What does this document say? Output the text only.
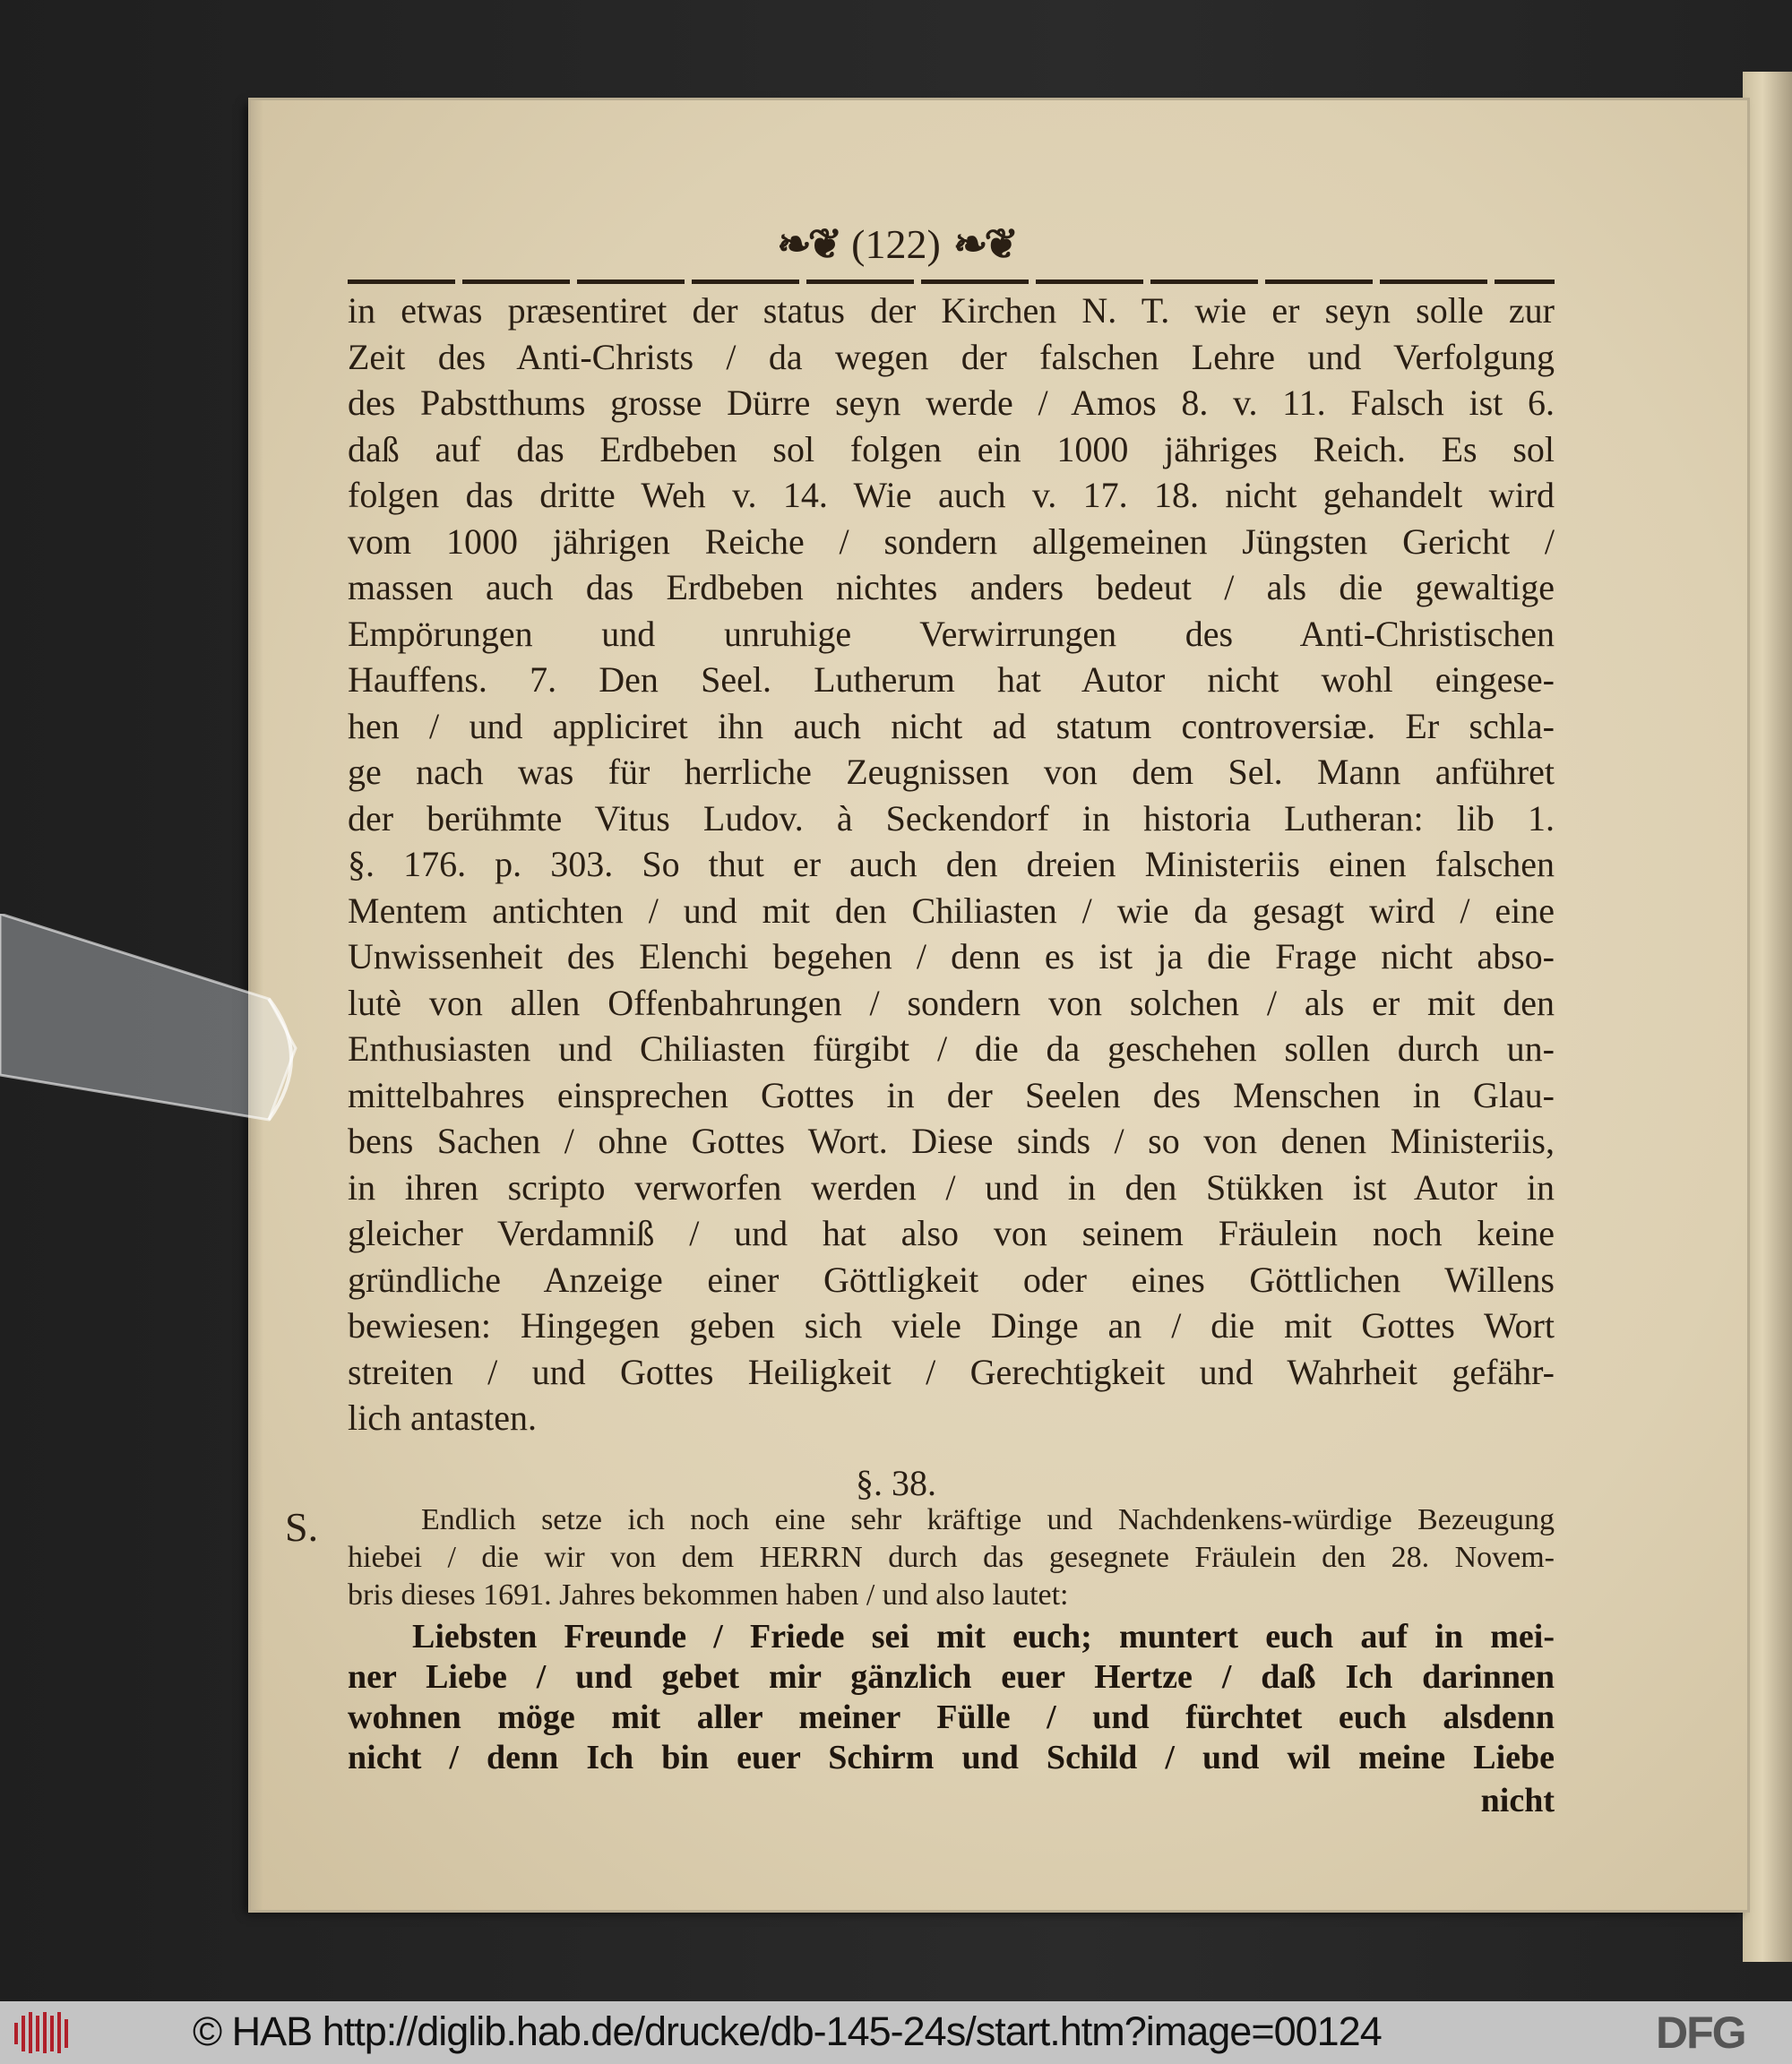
❧❦ (122) ❧❦
in etwas præsentiret der status der Kirchen N. T. wie er seyn solle zur
Zeit des Anti-Christs / da wegen der falschen Lehre und Verfolgung
des Pabstthums grosse Dürre seyn werde / Amos 8. v. 11. Falsch ist 6.
daß auf das Erdbeben sol folgen ein 1000 jähriges Reich. Es sol
folgen das dritte Weh v. 14. Wie auch v. 17. 18. nicht gehandelt wird
vom 1000 jährigen Reiche / sondern allgemeinen Jüngsten Gericht /
massen auch das Erdbeben nichtes anders bedeut / als die gewaltige
Empörungen und unruhige Verwirrungen des Anti-Christischen
Hauffens. 7. Den Seel. Lutherum hat Autor nicht wohl eingese-
hen / und appliciret ihn auch nicht ad statum controversiæ. Er schla-
ge nach was für herrliche Zeugnissen von dem Sel. Mann anführet
der berühmte Vitus Ludov. à Seckendorf in historia Lutheran: lib 1.
§. 176. p. 303. So thut er auch den dreien Ministeriis einen falschen
Mentem antichten / und mit den Chiliasten / wie da gesagt wird / eine
Unwissenheit des Elenchi begehen / denn es ist ja die Frage nicht abso-
lutè von allen Offenbahrungen / sondern von solchen / als er mit den
Enthusiasten und Chiliasten fürgibt / die da geschehen sollen durch un-
mittelbahres einsprechen Gottes in der Seelen des Menschen in Glau-
bens Sachen / ohne Gottes Wort. Diese sinds / so von denen Ministeriis,
in ihren scripto verworfen werden / und in den Stükken ist Autor in
gleicher Verdamniß / und hat also von seinem Fräulein noch keine
gründliche Anzeige einer Göttligkeit oder eines Göttlichen Willens
bewiesen: Hingegen geben sich viele Dinge an / die mit Gottes Wort
streiten / und Gottes Heiligkeit / Gerechtigkeit und Wahrheit gefähr-
lich antasten.
Endlich setze ich noch eine sehr kräftige und Nachdenkens-würdige Bezeugung
hiebei / die wir von dem HERRN durch das gesegnete Fräulein den 28. Novem-
bris dieses 1691. Jahres bekommen haben / und also lautet:
Liebsten Freunde / Friede sei mit euch; muntert euch auf in mei-
ner Liebe / und gebet mir gänzlich euer Hertze / daß Ich darinnen
wohnen möge mit aller meiner Fülle / und fürchtet euch alsdenn
nicht / denn Ich bin euer Schirm und Schild / und wil meine Liebe
nicht
§. 38.
S.
© HAB http://diglib.hab.de/drucke/db-145-24s/start.htm?image=00124	DFG
